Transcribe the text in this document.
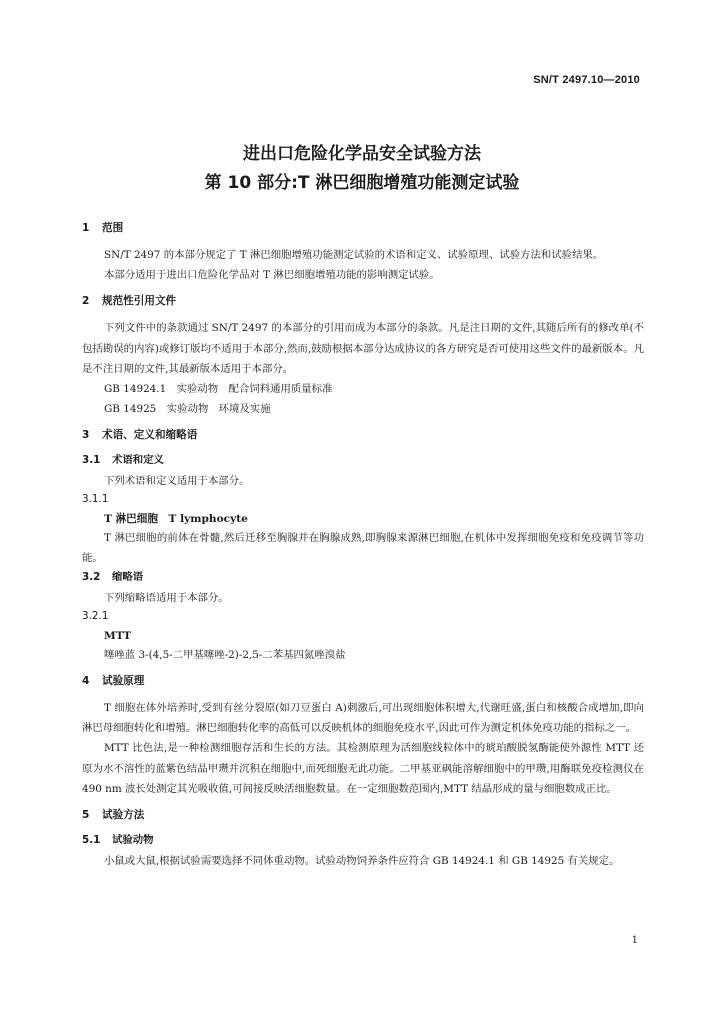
SN/T 2497.10—2010
进出口危险化学品安全试验方法
第 10 部分:T 淋巴细胞增殖功能测定试验
1 范围

SN/T 2497 的本部分规定了 T 淋巴细胞增殖功能测定试验的术语和定义、试验原理、试验方法和试验结果。

本部分适用于进出口危险化学品对 T 淋巴细胞增殖功能的影响测定试验。

2 规范性引用文件

下列文件中的条款通过 SN/T 2497 的本部分的引用而成为本部分的条款。凡是注日期的文件,其随后所有的修改单(不包括勘误的内容)或修订版均不适用于本部分,然而,鼓励根据本部分达成协议的各方研究是否可使用这些文件的最新版本。凡是不注日期的文件,其最新版本适用于本部分。

GB 14924.1　实验动物　配合饲料通用质量标准
GB 14925　实验动物　环境及实施
3 术语、定义和缩略语
3.1 术语和定义

下列术语和定义适用于本部分。

3.1.1
T 淋巴细胞　T lymphocyte

T 淋巴细胞的前体在骨髓,然后迁移至胸腺并在胸腺成熟,即胸腺来源淋巴细胞,在机体中发挥细胞免疫和免疫调节等功能。

3.2 缩略语

下列缩略语适用于本部分。

3.2.1
MTT

噻唑蓝 3-(4,5-二甲基噻唑-2)-2,5-二苯基四氮唑溴盐

4 试验原理

T 细胞在体外培养时,受到有丝分裂原(如刀豆蛋白 A)刺激后,可出现细胞体积增大,代谢旺盛,蛋白和核酸合成增加,即向淋巴母细胞转化和增殖。淋巴细胞转化率的高低可以反映机体的细胞免疫水平,因此可作为测定机体免疫功能的指标之一。

MTT 比色法,是一种检测细胞存活和生长的方法。其检测原理为活细胞线粒体中的琥珀酸脱氢酶能使外源性 MTT 还原为水不溶性的蓝紫色结晶甲瓒并沉积在细胞中,而死细胞无此功能。二甲基亚砜能溶解细胞中的甲瓒,用酶联免疫检测仪在 490 nm 波长处测定其光吸收值,可间接反映活细胞数量。在一定细胞数范围内,MTT 结晶形成的量与细胞数成正比。

5 试验方法
5.1 试验动物

小鼠或大鼠,根据试验需要选择不同体重动物。试验动物饲养条件应符合 GB 14924.1 和 GB 14925 有关规定。

1
